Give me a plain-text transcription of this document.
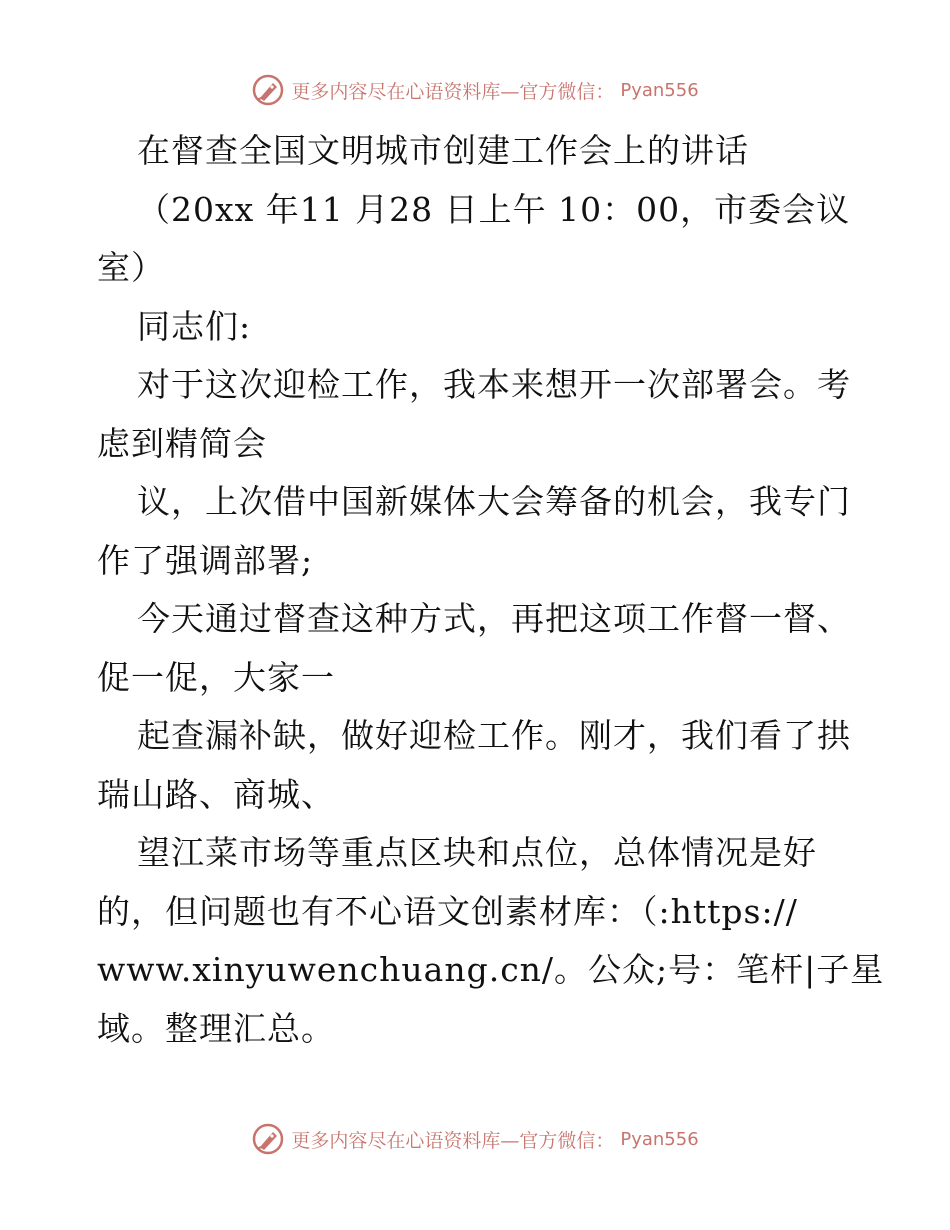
更多内容尽在心语资料库—官方微信： Pyan556
在督查全国文明城市创建工作会上的讲话
（20xx 年11 月28 日上午 10：00，市委会议
室）
同志们:
对于这次迎检工作，我本来想开一次部署会。考
虑到精简会
议，上次借中国新媒体大会筹备的机会，我专门
作了强调部署;
今天通过督查这种方式，再把这项工作督一督、
促一促，大家一
起查漏补缺，做好迎检工作。刚才，我们看了拱
瑞山路、商城、
望江菜市场等重点区块和点位，总体情况是好
的，但问题也有不心语文创素材库：（:https://
www.xinyuwenchuang.cn/。公众;号：笔杆|子星
域。整理汇总。
更多内容尽在心语资料库—官方微信： Pyan556
